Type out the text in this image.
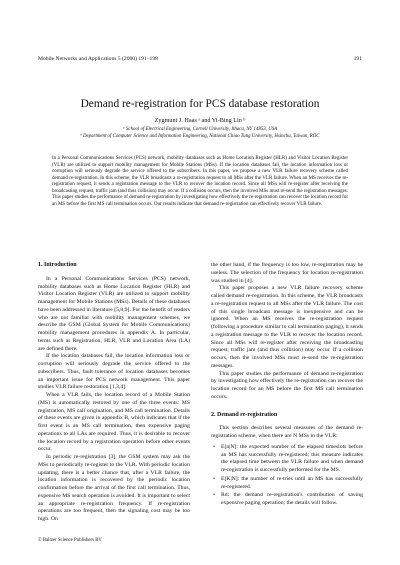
Mobile Networks and Applications 5 (2000) 191–198	191
Demand re-registration for PCS database restoration
Zygmunt J. Haas ᵃ and Yi-Bing Lin ᵇ
ᵃ School of Electrical Engineering, Cornell University, Ithaca, NY 14853, USA
ᵇ Department of Computer Science and Information Engineering, National Chiao Tung University, Hsinchu, Taiwan, ROC
In a Personal Communications Services (PCS) network, mobility databases such as Home Location Register (HLR) and Visitor Location Register (VLR) are utilized to support mobility management for Mobile Stations (MSs). If the location databases fail, the location information loss or corruption will seriously degrade the service offered to the subscribers. In this paper, we propose a new VLR failure recovery scheme called demand re-registration. In this scheme, the VLR broadcasts a re-registration request to all MSs after the VLR failure. When an MS receives the re-registration request, it sends a registration message to the VLR to recover the location record. Since all MSs will re-register after receiving the broadcasting request, traffic jam (and thus collision) may occur. If a collision occurs, then the involved MSs must re-send the registration messages. This paper studies the performance of demand re-registration by investigating how effectively the re-registration can recover the location record for an MS before the first MS call termination occurs. Our results indicate that demand re-registration can effectively recover VLR failure.
1. Introduction

In a Personal Communications Services (PCS) network, mobility databases such as Home Location Register (HLR) and Visitor Location Register (VLR) are utilized to support mobility management for Mobile Stations (MSs). Details of these databases have been addressed in literature [5,8,9]. For the benefit of readers who are not familiar with mobility management schemes, we describe the GSM (Global System for Mobile Communications) mobility management procedures in appendix A. In particular, terms such as Registration, HLR, VLR and Location Area (LA) are defined there.

If the location databases fail, the location information loss or corruption will seriously degrade the service offered to the subscribers. Thus, fault tolerance of location databases becomes an important issue for PCS network management. This paper studies VLR failure restoration [1,3,4].

When a VLR fails, the location record of a Mobile Station (MS) is automatically restored by one of the three events: MS registration, MS call origination, and MS call termination. Details of these events are given in appendix B, which indicates that if the first event is an MS call termination, then expensive paging operations to all LAs are required. Thus, it is desirable to recover the location record by a registration operation before other events occur.

In periodic re-registration [3], the GSM system may ask the MSs to periodically re-register to the VLR. With periodic location updating, there is a better chance that, after a VLR failure, the location information is recovered by the periodic location confirmation before the arrival of the first call termination. Thus, expensive MS search operation is avoided. It is important to select an appropriate re-registration frequency. If re-registration operations are too frequent, then the signaling cost may be too high. On

the other hand, if the frequency is too low, re-registration may be useless. The selection of the frequency for location re-registration was studied in [4].

This paper proposes a new VLR failure recovery scheme called demand re-registration. In this scheme, the VLR broadcasts a re-registration request to all MSs after the VLR failure. The cost of this single broadcast message is inexpensive and can be ignored. When an MS receives the re-registration request (following a procedure similar to call termination paging), it sends a registration message to the VLR to recover the location record. Since all MSs will re-register after receiving the broadcasting request, traffic jam (and thus collision) may occur. If a collision occurs, then the involved MSs must re-send the re-registration messages.

This paper studies the performance of demand re-registration by investigating how effectively the re-registration can recover the location record for an MS before the first MS call termination occurs.

2. Demand re-registration

This section describes several measures of the demand re-registration scheme, when there are N MSs in the VLR:

• E[n|N]: the expected number of the elapsed timeslots before an MS has successfully re-registered; this measure indicates the elapsed time between the VLR failure and when demand re-registration is successfully performed for the MS.
• E[K|N]: the number of re-tries until an MS has successfully re-registered.
• Rd: the demand re-registration's contribution of saving expensive paging operation; the details will follow.
© Baltzer Science Publishers BV
